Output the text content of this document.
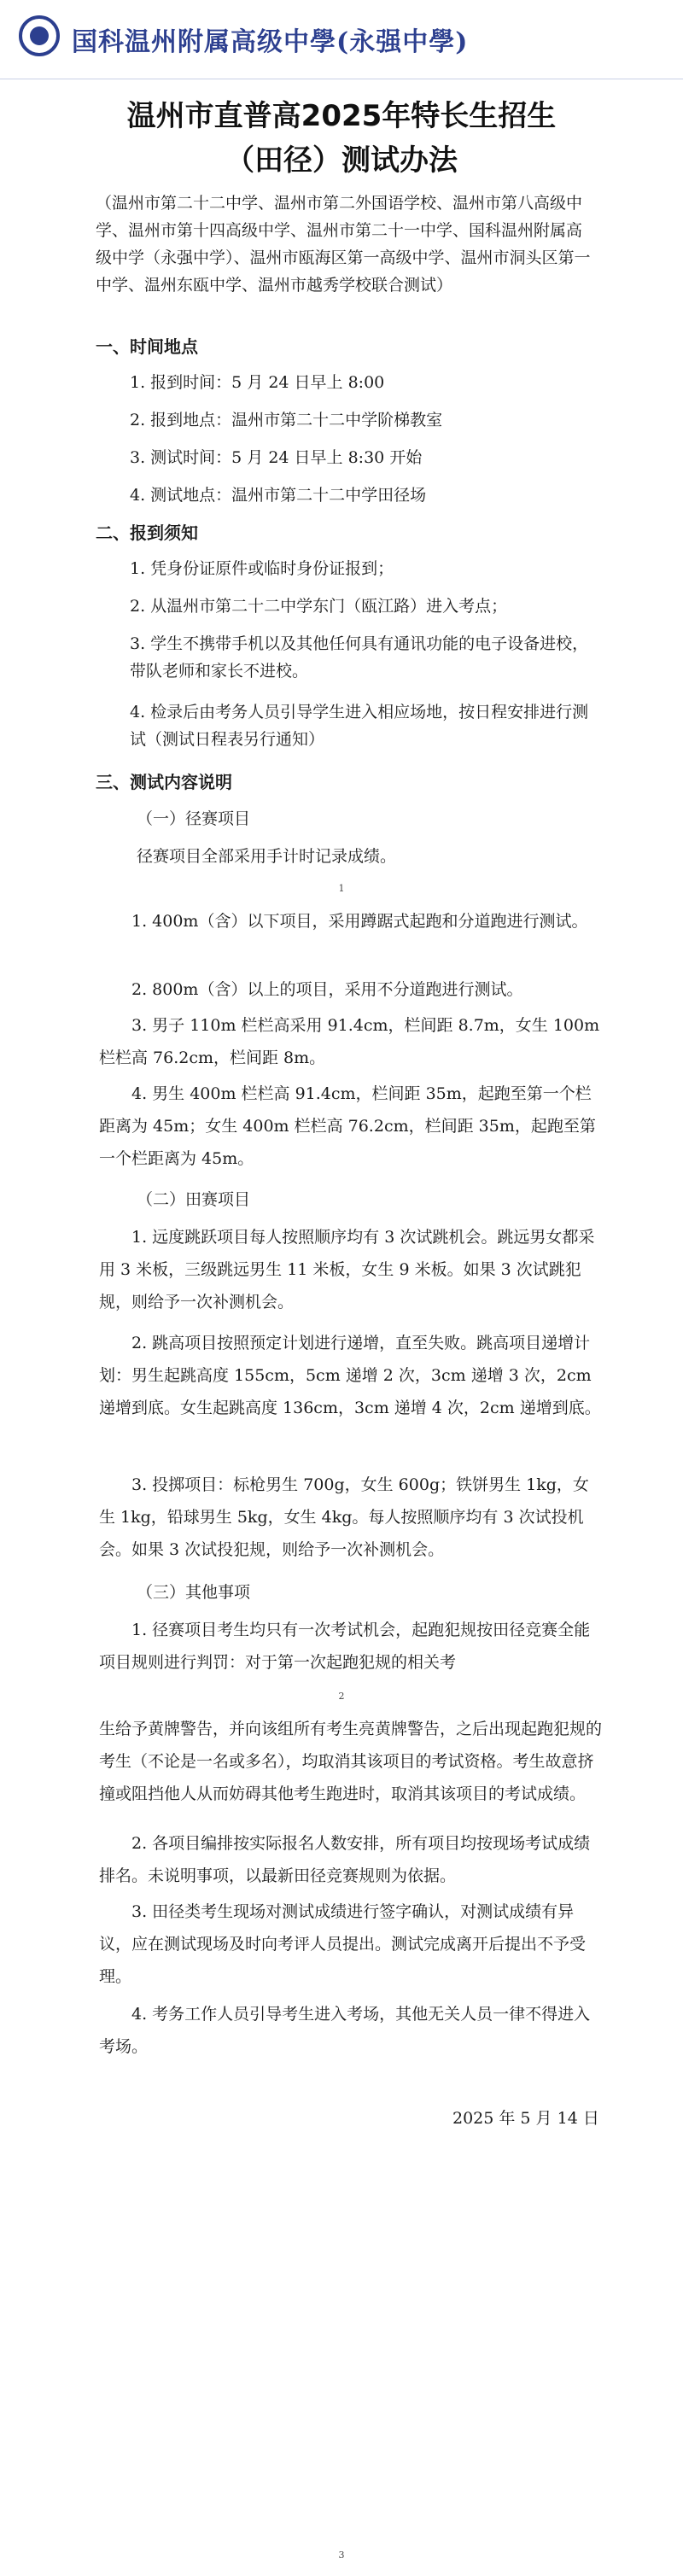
国科温州附属高级中學(永强中學)
温州市直普高2025年特长生招生
（田径）测试办法
（温州市第二十二中学、温州市第二外国语学校、温州市第八高级中学、温州市第十四高级中学、温州市第二十一中学、国科温州附属高级中学（永强中学）、温州市瓯海区第一高级中学、温州市洞头区第一中学、温州东瓯中学、温州市越秀学校联合测试）
一、时间地点
1. 报到时间：5 月 24 日早上 8:00
2. 报到地点：温州市第二十二中学阶梯教室
3. 测试时间：5 月 24 日早上 8:30 开始
4. 测试地点：温州市第二十二中学田径场
二、报到须知
1. 凭身份证原件或临时身份证报到；
2. 从温州市第二十二中学东门（瓯江路）进入考点；
3. 学生不携带手机以及其他任何具有通讯功能的电子设备进校，带队老师和家长不进校。
4. 检录后由考务人员引导学生进入相应场地，按日程安排进行测试（测试日程表另行通知）
三、测试内容说明
（一）径赛项目
径赛项目全部采用手计时记录成绩。
1
1. 400m（含）以下项目，采用蹲踞式起跑和分道跑进行测试。
2. 800m（含）以上的项目，采用不分道跑进行测试。
3. 男子 110m 栏栏高采用 91.4cm，栏间距 8.7m，女生 100m 栏栏高 76.2cm，栏间距 8m。
4. 男生 400m 栏栏高 91.4cm，栏间距 35m，起跑至第一个栏距离为 45m；女生 400m 栏栏高 76.2cm，栏间距 35m，起跑至第一个栏距离为 45m。
（二）田赛项目
1. 远度跳跃项目每人按照顺序均有 3 次试跳机会。跳远男女都采用 3 米板，三级跳远男生 11 米板，女生 9 米板。如果 3 次试跳犯规，则给予一次补测机会。
2. 跳高项目按照预定计划进行递增，直至失败。跳高项目递增计划：男生起跳高度 155cm，5cm 递增 2 次，3cm 递增 3 次，2cm 递增到底。女生起跳高度 136cm，3cm 递增 4 次，2cm 递增到底。
3. 投掷项目：标枪男生 700g，女生 600g；铁饼男生 1kg，女生 1kg，铅球男生 5kg，女生 4kg。每人按照顺序均有 3 次试投机会。如果 3 次试投犯规，则给予一次补测机会。
（三）其他事项
1. 径赛项目考生均只有一次考试机会，起跑犯规按田径竞赛全能项目规则进行判罚：对于第一次起跑犯规的相关考
2
生给予黄牌警告，并向该组所有考生亮黄牌警告，之后出现起跑犯规的考生（不论是一名或多名），均取消其该项目的考试资格。考生故意挤撞或阻挡他人从而妨碍其他考生跑进时，取消其该项目的考试成绩。
2. 各项目编排按实际报名人数安排，所有项目均按现场考试成绩排名。未说明事项，以最新田径竞赛规则为依据。
3. 田径类考生现场对测试成绩进行签字确认，对测试成绩有异议，应在测试现场及时向考评人员提出。测试完成离开后提出不予受理。
4. 考务工作人员引导考生进入考场，其他无关人员一律不得进入考场。
2025 年 5 月 14 日
3
